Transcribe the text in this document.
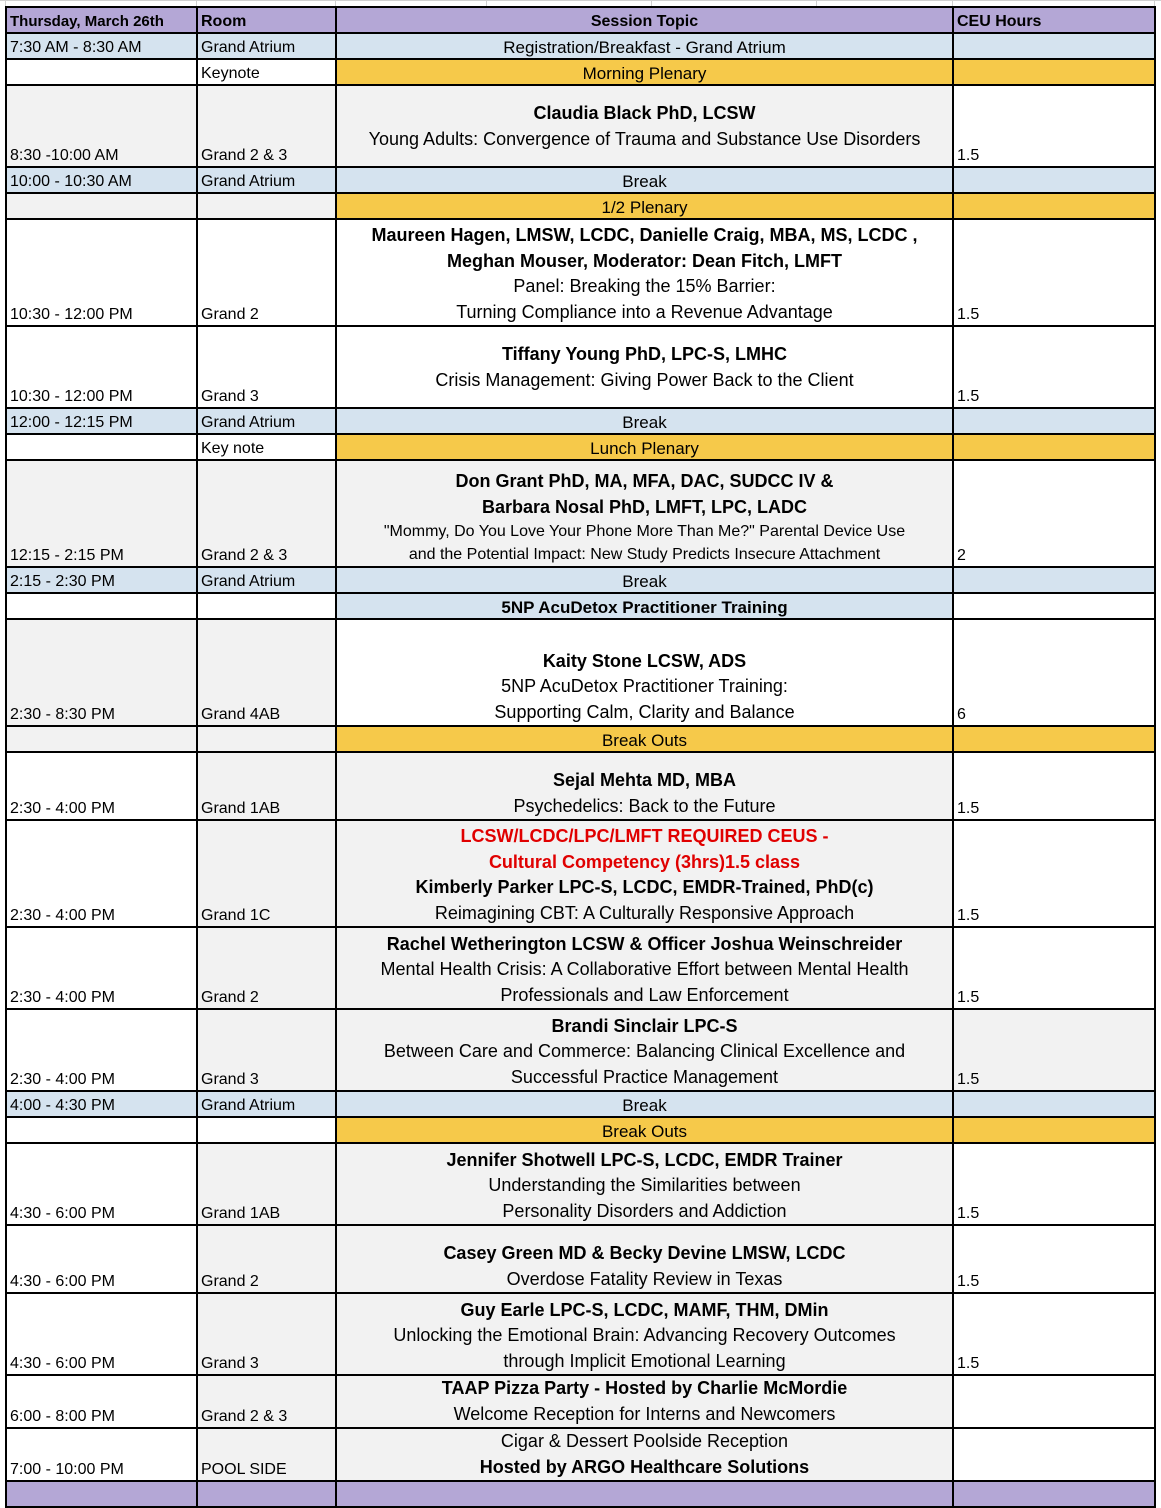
Thursday, March 26th	Room	Session Topic	CEU Hours
7:30 AM - 8:30 AM	Grand Atrium	Registration/Breakfast - Grand Atrium	
	Keynote	Morning Plenary	
8:30 -10:00 AM	Grand 2 & 3	Claudia Black PhD, LCSW
Young Adults: Convergence of Trauma and Substance Use Disorders	1.5
10:00 - 10:30 AM	Grand Atrium	Break	
		1/2 Plenary	
10:30 - 12:00 PM	Grand 2	Maureen Hagen, LMSW, LCDC, Danielle Craig, MBA, MS, LCDC ,
Meghan Mouser, Moderator: Dean Fitch, LMFT
Panel: Breaking the 15% Barrier:
Turning Compliance into a Revenue Advantage	1.5
10:30 - 12:00 PM	Grand 3	Tiffany Young PhD, LPC-S, LMHC
Crisis Management: Giving Power Back to the Client	1.5
12:00 - 12:15 PM	Grand Atrium	Break	
	Key note	Lunch Plenary	
12:15 - 2:15 PM	Grand 2 & 3	Don Grant PhD, MA, MFA, DAC, SUDCC IV &
Barbara Nosal PhD, LMFT, LPC, LADC
"Mommy, Do You Love Your Phone More Than Me?" Parental Device Use
and the Potential Impact: New Study Predicts Insecure Attachment	2
2:15 - 2:30 PM	Grand Atrium	Break	
		5NP AcuDetox Practitioner Training	
2:30 - 8:30 PM	Grand 4AB	Kaity Stone LCSW, ADS
5NP AcuDetox Practitioner Training:
Supporting Calm, Clarity and Balance	6
		Break Outs	
2:30 - 4:00 PM	Grand 1AB	Sejal Mehta MD, MBA
Psychedelics: Back to the Future	1.5
2:30 - 4:00 PM	Grand 1C	LCSW/LCDC/LPC/LMFT REQUIRED CEUS -
Cultural Competency (3hrs)1.5 class
Kimberly Parker LPC-S, LCDC, EMDR-Trained, PhD(c)
Reimagining CBT: A Culturally Responsive Approach	1.5
2:30 - 4:00 PM	Grand 2	Rachel Wetherington LCSW & Officer Joshua Weinschreider
Mental Health Crisis: A Collaborative Effort between Mental Health
Professionals and Law Enforcement	1.5
2:30 - 4:00 PM	Grand 3	Brandi Sinclair LPC-S
Between Care and Commerce: Balancing Clinical Excellence and
Successful Practice Management	1.5
4:00 - 4:30 PM	Grand Atrium	Break	
		Break Outs	
4:30 - 6:00 PM	Grand 1AB	Jennifer Shotwell LPC-S, LCDC, EMDR Trainer
Understanding the Similarities between
Personality Disorders and Addiction	1.5
4:30 - 6:00 PM	Grand 2	Casey Green MD & Becky Devine LMSW, LCDC
Overdose Fatality Review in Texas	1.5
4:30 - 6:00 PM	Grand 3	Guy Earle LPC-S, LCDC, MAMF, THM, DMin
Unlocking the Emotional Brain: Advancing Recovery Outcomes
through Implicit Emotional Learning	1.5
6:00 - 8:00 PM	Grand 2 & 3	TAAP Pizza Party - Hosted by Charlie McMordie
Welcome Reception for Interns and Newcomers	

7:00 - 10:00 PM	POOL SIDE	Cigar & Dessert Poolside Reception
Hosted by ARGO Healthcare Solutions	
